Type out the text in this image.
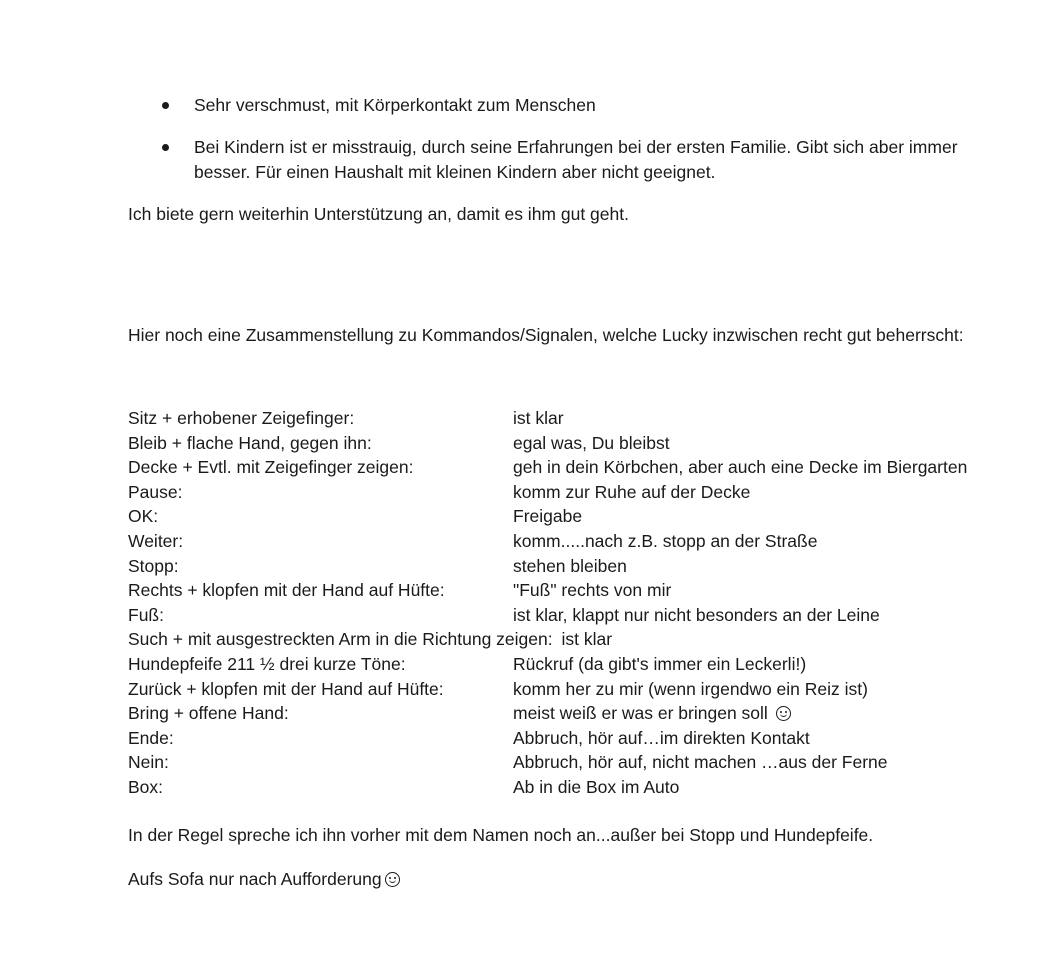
Sehr verschmust, mit Körperkontakt zum Menschen
Bei Kindern ist er misstrauig, durch seine Erfahrungen bei der ersten Familie. Gibt sich aber immer besser. Für einen Haushalt mit kleinen Kindern aber nicht geeignet.

Ich biete gern weiterhin Unterstützung an, damit es ihm gut geht.

Hier noch eine Zusammenstellung zu Kommandos/Signalen, welche Lucky inzwischen recht gut beherrscht:

Sitz + erhobener Zeigefinger:	ist klar
Bleib + flache Hand, gegen ihn:	egal was, Du bleibst
Decke + Evtl. mit Zeigefinger zeigen:	geh in dein Körbchen, aber auch eine Decke im Biergarten
Pause:	komm zur Ruhe auf der Decke
OK:	Freigabe
Weiter:	komm.....nach z.B. stopp an der Straße
Stopp:	stehen bleiben
Rechts + klopfen mit der Hand auf Hüfte:	"Fuß" rechts von mir
Fuß:	ist klar, klappt nur nicht besonders an der Leine
Such + mit ausgestreckten Arm in die Richtung zeigen: ist klar
Hundepfeife 211 ½ drei kurze Töne:	Rückruf (da gibt's immer ein Leckerli!)
Zurück + klopfen mit der Hand auf Hüfte:	komm her zu mir (wenn irgendwo ein Reiz ist)
Bring + offene Hand:	meist weiß er was er bringen soll
Ende:	Abbruch, hör auf…im direkten Kontakt
Nein:	Abbruch, hör auf, nicht machen …aus der Ferne
Box:	Ab in die Box im Auto

In der Regel spreche ich ihn vorher mit dem Namen noch an...außer bei Stopp und Hundepfeife.

Aufs Sofa nur nach Aufforderung
